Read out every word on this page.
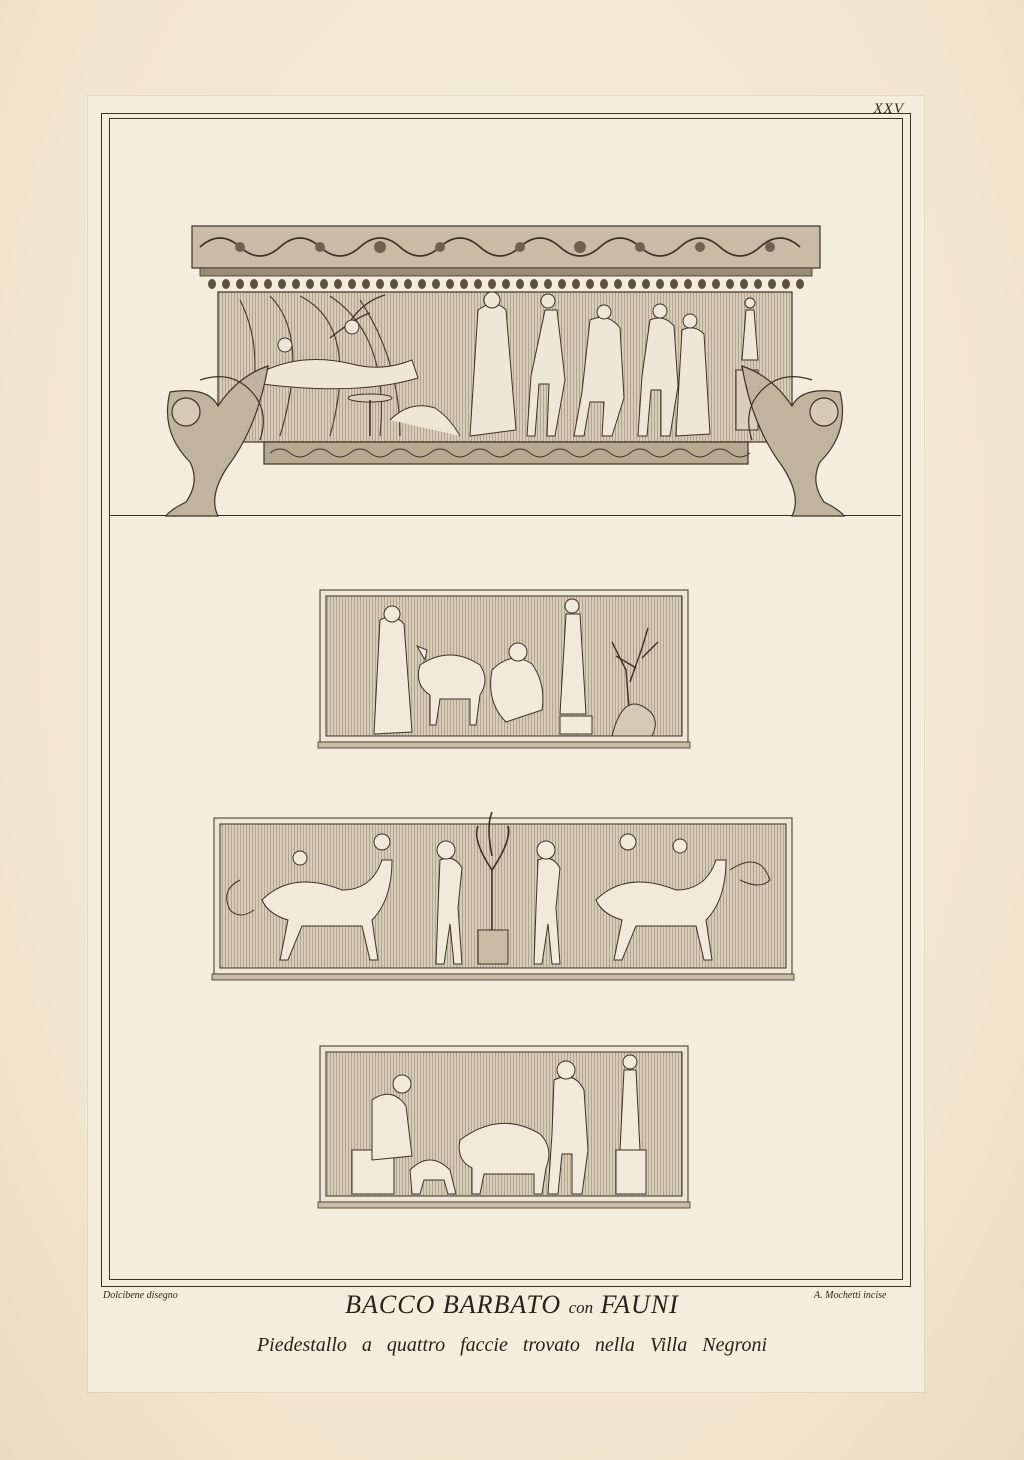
XXV
Dolcibene disegno	A. Mochetti incise
BACCO BARBATO con FAUNI
Piedestallo a quattro faccie trovato nella Villa Negroni
